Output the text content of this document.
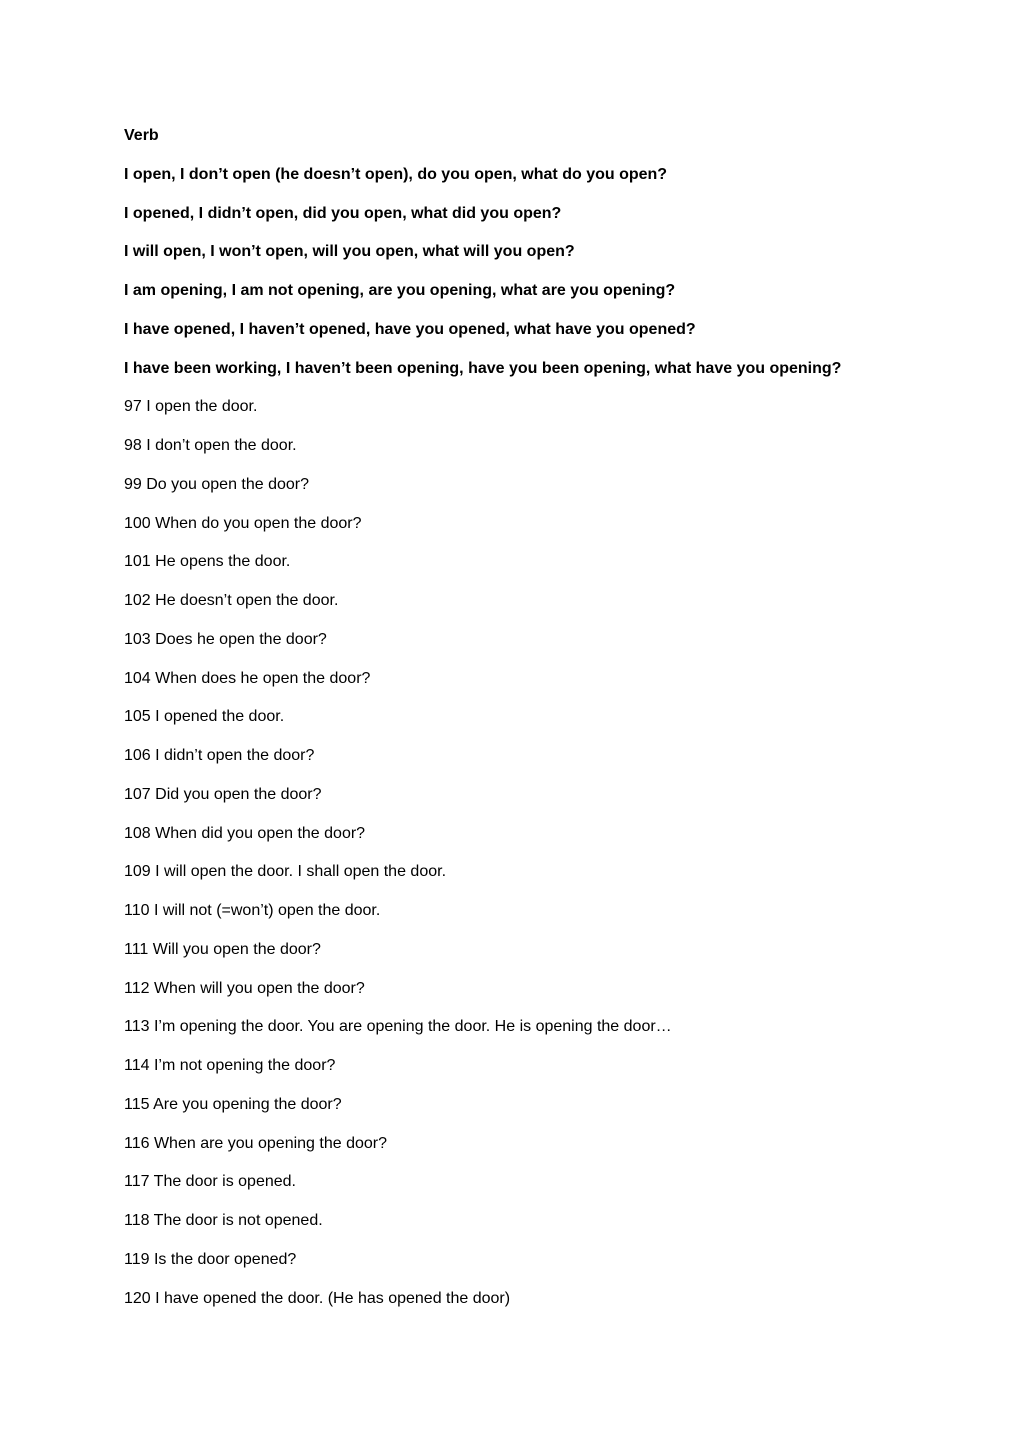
Verb
I open, I don’t open (he doesn’t open), do you open, what do you open?
I opened, I didn’t open, did you open, what did you open?
I will open, I won’t open, will you open, what will you open?
I am opening, I am not opening, are you opening, what are you opening?
I have opened, I haven’t opened, have you opened, what have you opened?
I have been working, I haven’t been opening, have you been opening, what have you opening?
97 I open the door.
98 I don’t open the door.
99 Do you open the door?
100 When do you open the door?
101 He opens the door.
102 He doesn’t open the door.
103 Does he open the door?
104 When does he open the door?
105 I opened the door.
106 I didn’t open the door?
107 Did you open the door?
108 When did you open the door?
109 I will open the door. I shall open the door.
110 I will not (=won’t) open the door.
111 Will you open the door?
112 When will you open the door?
113 I’m opening the door. You are opening the door. He is opening the door…
114 I’m not opening the door?
115 Are you opening the door?
116 When are you opening the door?
117 The door is opened.
118 The door is not opened.
119 Is the door opened?
120 I have opened the door. (He has opened the door)
